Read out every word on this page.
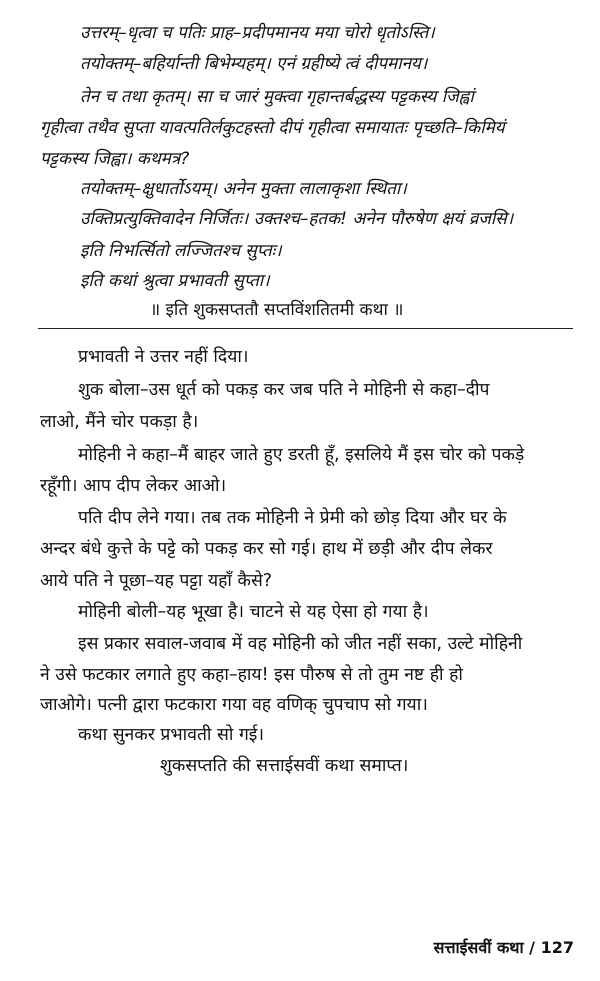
उत्तरम्–धृत्वा च पतिः प्राह–प्रदीपमानय मया चोरो धृतोऽस्ति।
तयोक्तम्–बहिर्यान्ती बिभेम्यहम्। एनं ग्रहीष्ये त्वं दीपमानय।
तेन च तथा कृतम्। सा च जारं मुक्त्वा गृहान्तर्बद्धस्य पट्टकस्य जिह्वां
गृहीत्वा तथैव सुप्ता यावत्पतिर्लकुटहस्तो दीपं गृहीत्वा समायातः पृच्छति–किमियं
पट्टकस्य जिह्वा। कथमत्र?
तयोक्तम्–क्षुधार्तोऽयम्। अनेन मुक्ता लालाकृशा स्थिता।
उक्तिप्रत्युक्तिवादेन निर्जितः। उक्तश्च–हतक! अनेन पौरुषेण क्षयं व्रजसि।
इति निभर्त्सितो लज्जितश्च सुप्तः।
इति कथां श्रुत्वा प्रभावती सुप्ता।
॥ इति शुकसप्ततौ सप्तविंशतितमी कथा ॥
प्रभावती ने उत्तर नहीं दिया।
शुक बोला–उस धूर्त को पकड़ कर जब पति ने मोहिनी से कहा–दीप
लाओ, मैंने चोर पकड़ा है।
मोहिनी ने कहा–मैं बाहर जाते हुए डरती हूँ, इसलिये मैं इस चोर को पकड़े
रहूँगी। आप दीप लेकर आओ।
पति दीप लेने गया। तब तक मोहिनी ने प्रेमी को छोड़ दिया और घर के
अन्दर बंधे कुत्ते के पट्टे को पकड़ कर सो गई। हाथ में छड़ी और दीप लेकर
आये पति ने पूछा–यह पट्टा यहाँ कैसे?
मोहिनी बोली–यह भूखा है। चाटने से यह ऐसा हो गया है।
इस प्रकार सवाल-जवाब में वह मोहिनी को जीत नहीं सका, उल्टे मोहिनी
ने उसे फटकार लगाते हुए कहा–हाय! इस पौरुष से तो तुम नष्ट ही हो
जाओगे। पत्नी द्वारा फटकारा गया वह वणिक् चुपचाप सो गया।
कथा सुनकर प्रभावती सो गई।
शुकसप्तति की सत्ताईसवीं कथा समाप्त।
सत्ताईसवीं कथा / 127
